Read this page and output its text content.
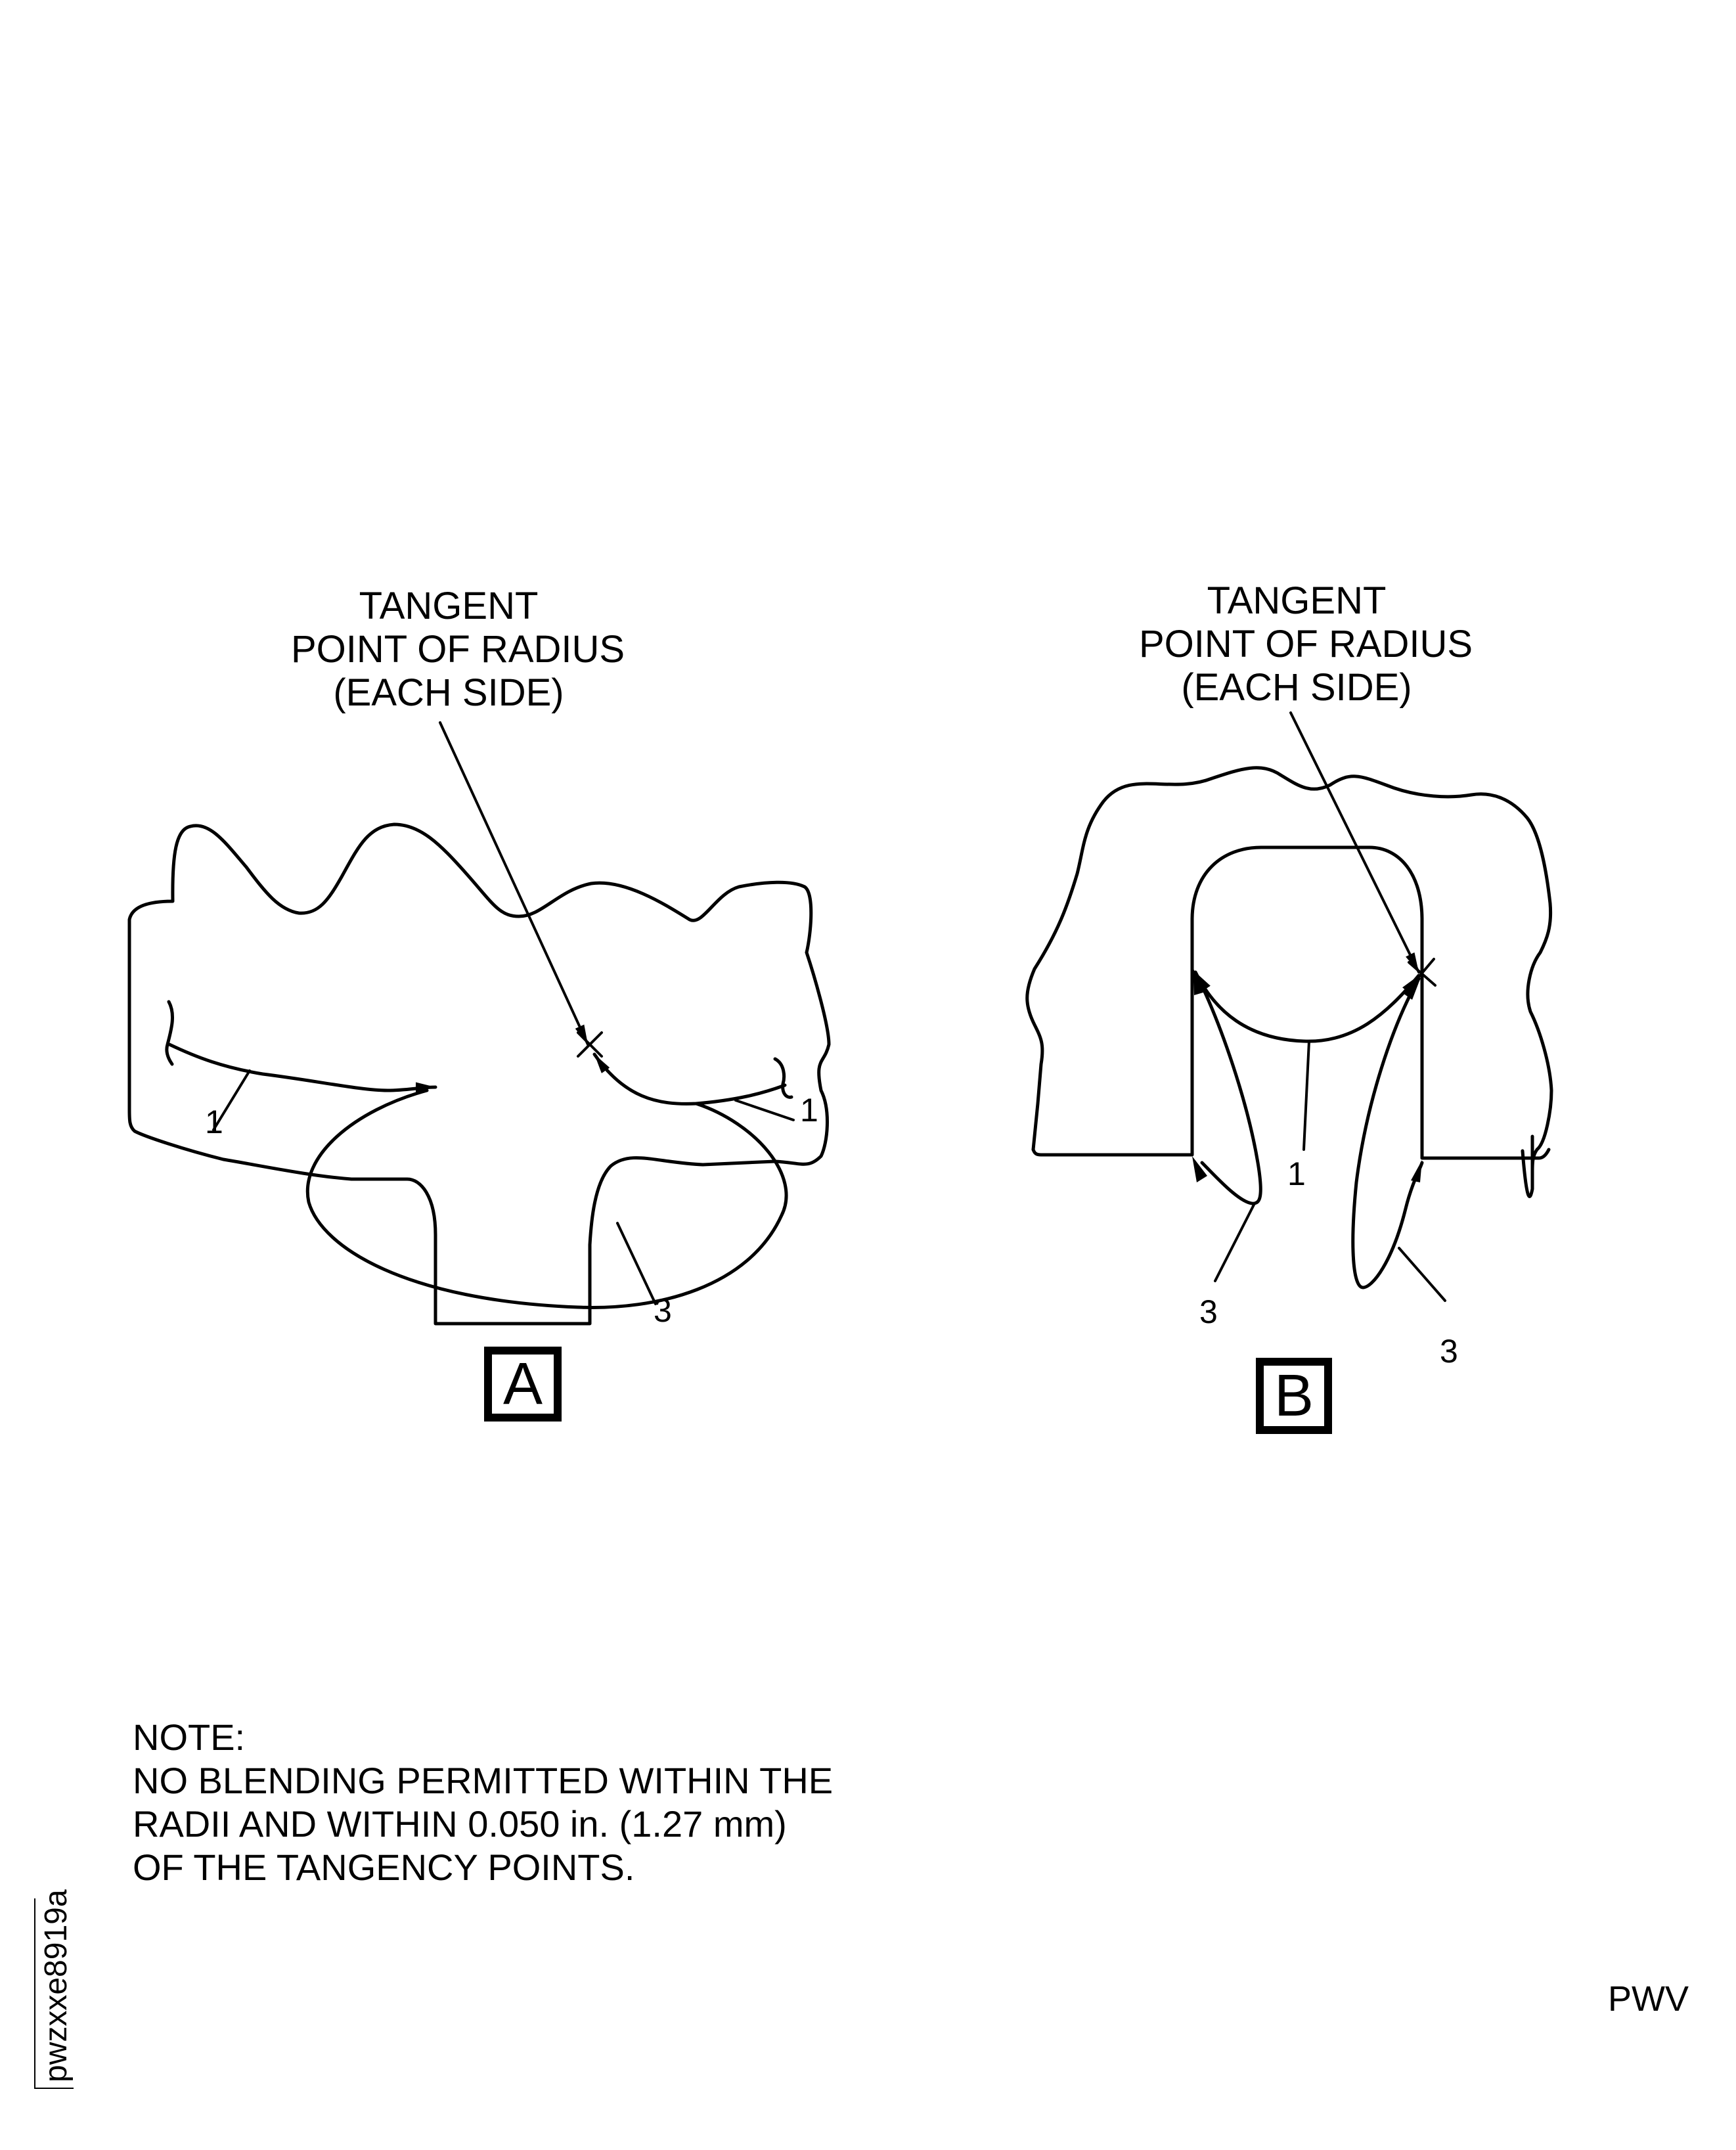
TANGENT
POINT OF RADIUS
(EACH SIDE)
1	1
3
A
TANGENT
POINT OF RADIUS
(EACH SIDE)
1
3
3
B
NOTE:
NO BLENDING PERMITTED WITHIN THE
RADII AND WITHIN 0.050 in. (1.27 mm)
OF THE TANGENCY POINTS.
PWV
pwzxxe8919a
